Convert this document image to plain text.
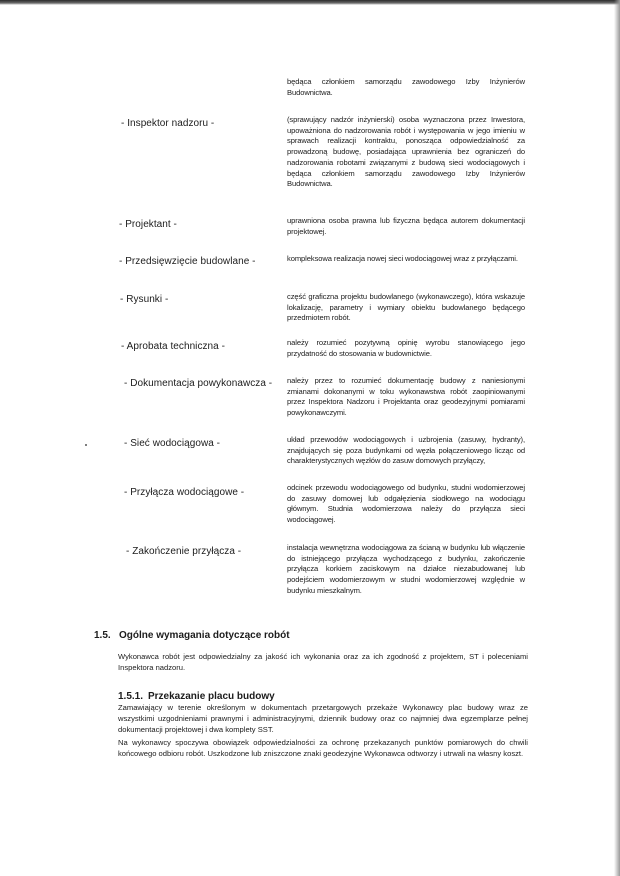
będąca członkiem samorządu zawodowego Izby Inżynierów Budownictwa.
- Inspektor nadzoru -	(sprawujący nadzór inżynierski) osoba wyznaczona przez Inwestora, upoważniona do nadzorowania robót i występowania w jego imieniu w sprawach realizacji kontraktu, ponosząca odpowiedzialność za prowadzoną budowę, posiadająca uprawnienia bez ograniczeń do nadzorowania robotami związanymi z budową sieci wodociągowych i będąca członkiem samorządu zawodowego Izby Inżynierów Budownictwa.
- Projektant -	uprawniona osoba prawna lub fizyczna będąca autorem dokumentacji projektowej.
- Przedsięwzięcie budowlane -	kompleksowa realizacja nowej sieci wodociągowej wraz z przyłączami.
- Rysunki -	część graficzna projektu budowlanego (wykonawczego), która wskazuje lokalizację, parametry i wymiary obiektu budowlanego będącego przedmiotem robót.
- Aprobata techniczna -	należy rozumieć pozytywną opinię wyrobu stanowiącego jego przydatność do stosowania w budownictwie.
- Dokumentacja powykonawcza - należy przez to rozumieć dokumentację budowy z naniesionymi zmianami dokonanymi w toku wykonawstwa robót zaopiniowanymi przez Inspektora Nadzoru i Projektanta oraz geodezyjnymi pomiarami powykonawczymi.
- Sieć wodociągowa -	układ przewodów wodociągowych i uzbrojenia (zasuwy, hydranty), znajdujących się poza budynkami od węzła połączeniowego licząc od charakterystycznych węzłów do zasuw domowych przyłączy,
- Przyłącza wodociągowe -	odcinek przewodu wodociągowego od budynku, studni wodomierzowej do zasuwy domowej lub odgałęzienia siodłowego na wodociągu głównym. Studnia wodomierzowa należy do przyłącza sieci wodociągowej.
- Zakończenie przyłącza -	instalacja wewnętrzna wodociągowa za ścianą w budynku lub włączenie do istniejącego przyłącza wychodzącego z budynku, zakończenie przyłącza korkiem zaciskowym na działce niezabudowanej lub podejściem wodomierzowym w studni wodomierzowej względnie w budynku mieszkalnym.
1.5. Ogólne wymagania dotyczące robót
Wykonawca robót jest odpowiedzialny za jakość ich wykonania oraz za ich zgodność z projektem, ST i poleceniami Inspektora nadzoru.
1.5.1. Przekazanie placu budowy
Zamawiający w terenie określonym w dokumentach przetargowych przekaże Wykonawcy plac budowy wraz ze wszystkimi uzgodnieniami prawnymi i administracyjnymi, dziennik budowy oraz co najmniej dwa egzemplarze pełnej dokumentacji projektowej i dwa komplety SST.
Na wykonawcy spoczywa obowiązek odpowiedzialności za ochronę przekazanych punktów pomiarowych do chwili końcowego odbioru robót. Uszkodzone lub zniszczone znaki geodezyjne Wykonawca odtworzy i utrwali na własny koszt.
